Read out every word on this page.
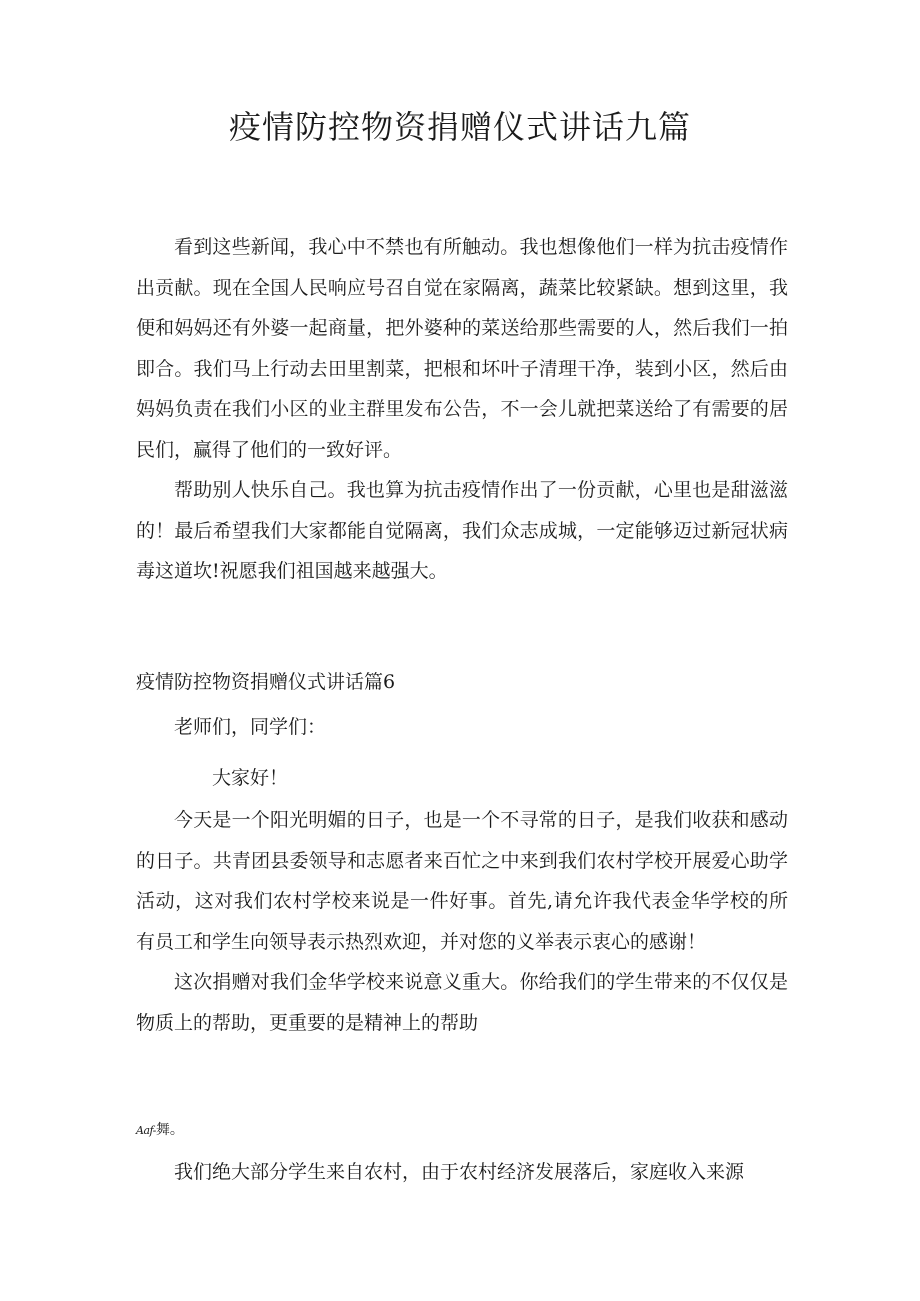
疫情防控物资捐赠仪式讲话九篇

看到这些新闻，我心中不禁也有所触动。我也想像他们一样为抗击疫情作出贡献。现在全国人民响应号召自觉在家隔离，蔬菜比较紧缺。想到这里，我便和妈妈还有外婆一起商量，把外婆种的菜送给那些需要的人，然后我们一拍即合。我们马上行动去田里割菜，把根和坏叶子清理干净，装到小区，然后由妈妈负责在我们小区的业主群里发布公告，不一会儿就把菜送给了有需要的居民们，赢得了他们的一致好评。

帮助别人快乐自己。我也算为抗击疫情作出了一份贡献，心里也是甜滋滋的！最后希望我们大家都能自觉隔离，我们众志成城，一定能够迈过新冠状病毒这道坎!祝愿我们祖国越来越强大。

疫情防控物资捐赠仪式讲话篇6

老师们，同学们：

大家好！

今天是一个阳光明媚的日子，也是一个不寻常的日子，是我们收获和感动的日子。共青团县委领导和志愿者来百忙之中来到我们农村学校开展爱心助学活动，这对我们农村学校来说是一件好事。首先,请允许我代表金华学校的所有员工和学生向领导表示热烈欢迎，并对您的义举表示衷心的感谢！

这次捐赠对我们金华学校来说意义重大。你给我们的学生带来的不仅仅是物质上的帮助，更重要的是精神上的帮助

Aaf-舞。

我们绝大部分学生来自农村，由于农村经济发展落后，家庭收入来源
